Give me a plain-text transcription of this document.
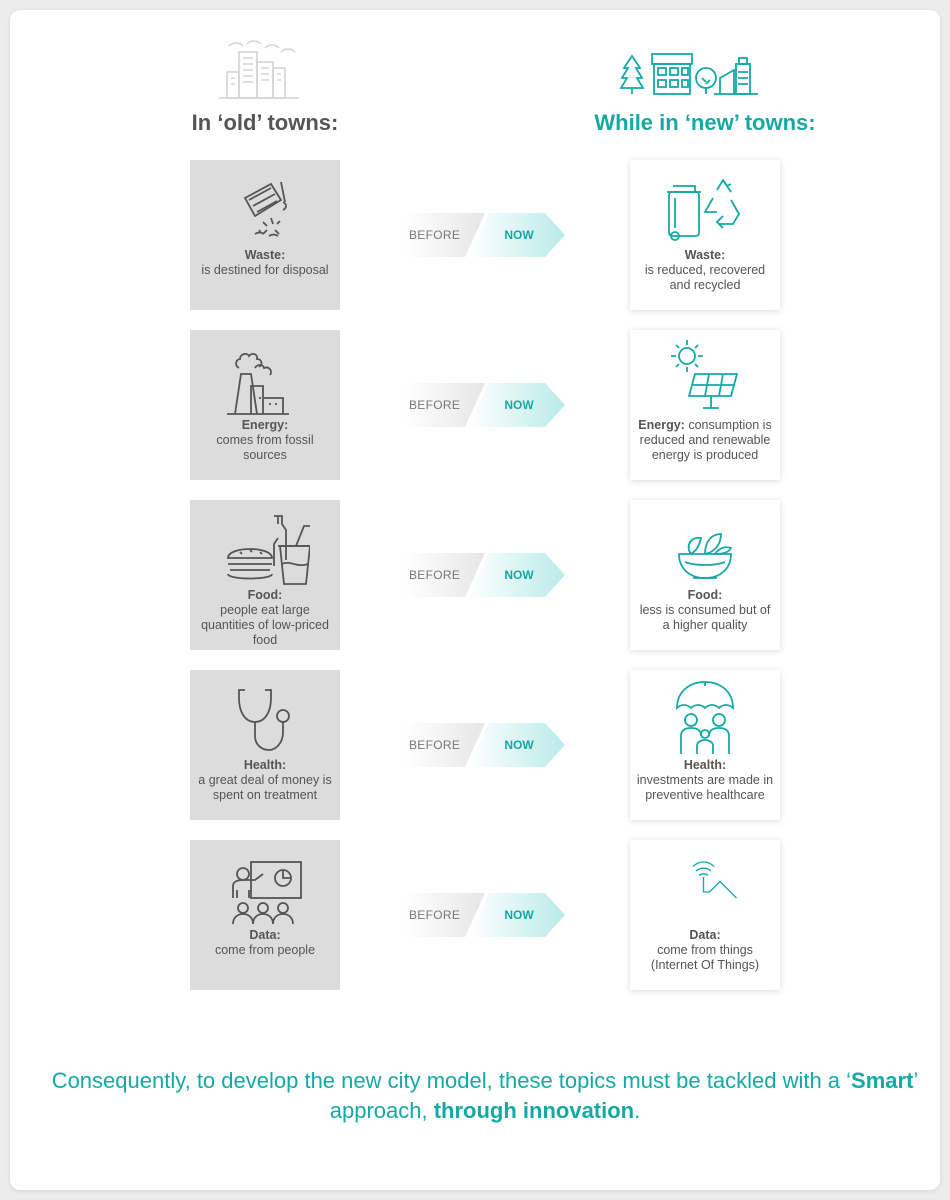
In ‘old’ towns:	While in ‘new’ towns:
Waste:
is destined for disposal
BEFORE	NOW
Waste:
is reduced, recovered and recycled
Energy:
comes from fossil sources
BEFORE	NOW
Energy: consumption is reduced and renewable energy is produced
Food:
people eat large quantities of low-priced food
BEFORE	NOW
Food:
less is consumed but of a higher quality
Health:
a great deal of money is spent on treatment
BEFORE	NOW
Health:
investments are made in preventive healthcare
Data:
come from people
BEFORE	NOW
Data:
come from things (Internet Of Things)
Consequently, to develop the new city model, these topics must be tackled with a ‘Smart’ approach, through innovation.
